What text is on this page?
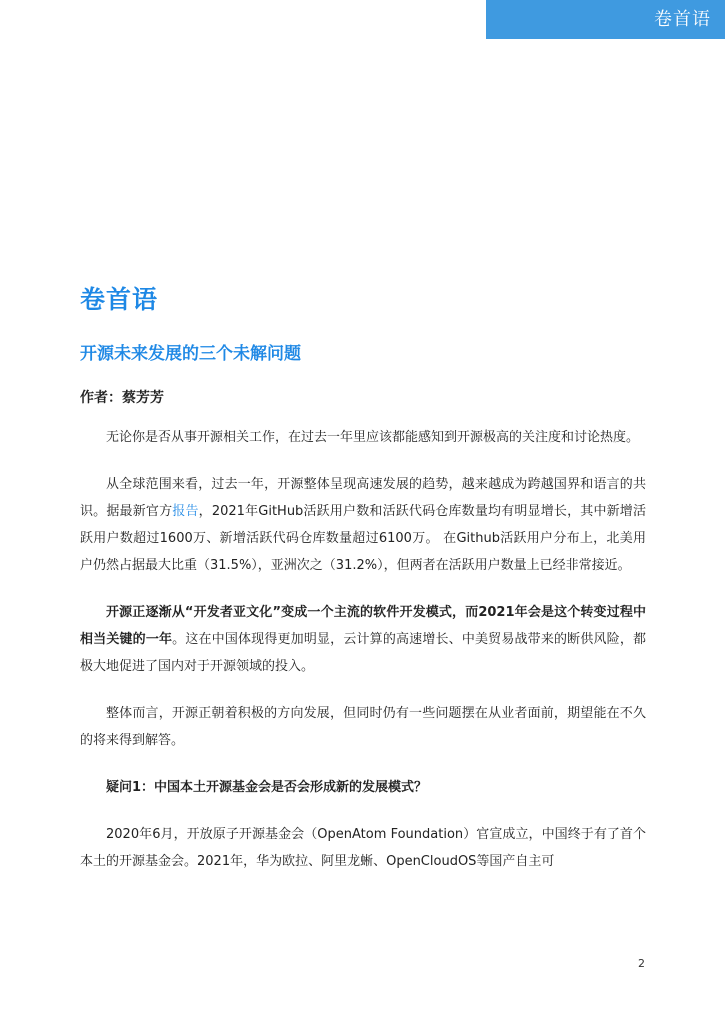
卷首语
卷首语
开源未来发展的三个未解问题
作者：蔡芳芳

无论你是否从事开源相关工作，在过去一年里应该都能感知到开源极高的关注度和讨论热度。

从全球范围来看，过去一年，开源整体呈现高速发展的趋势，越来越成为跨越国界和语言的共识。据最新官方报告，2021年GitHub活跃用户数和活跃代码仓库数量均有明显增长，其中新增活跃用户数超过1600万、新增活跃代码仓库数量超过6100万。 在Github活跃用户分布上，北美用户仍然占据最大比重（31.5%），亚洲次之（31.2%），但两者在活跃用户数量上已经非常接近。

开源正逐渐从“开发者亚文化”变成一个主流的软件开发模式，而2021年会是这个转变过程中相当关键的一年。这在中国体现得更加明显，云计算的高速增长、中美贸易战带来的断供风险，都极大地促进了国内对于开源领域的投入。

整体而言，开源正朝着积极的方向发展，但同时仍有一些问题摆在从业者面前，期望能在不久的将来得到解答。

疑问1：中国本土开源基金会是否会形成新的发展模式？

2020年6月，开放原子开源基金会（OpenAtom Foundation）官宣成立，中国终于有了首个本土的开源基金会。2021年，华为欧拉、阿里龙蜥、OpenCloudOS等国产自主可

2
